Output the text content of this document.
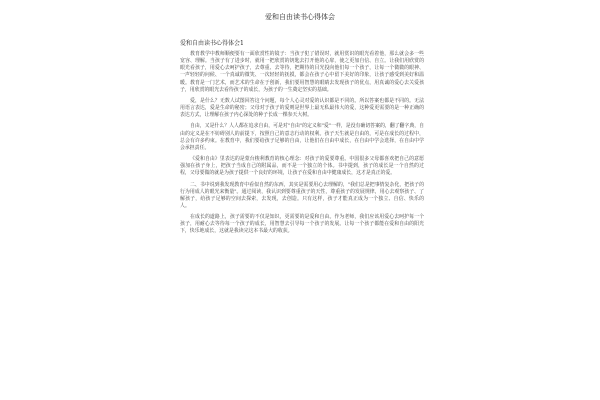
爱和自由读书心得体会
爱和自由读书心得体会1

教育教学中教师顺便要有一面欣赏性的镜子：当孩子犯了错误时，就用赏识的眼光看着他，那么就会多一些宽容、理解。当孩子有了进步时，就用一把欣赏的钥匙去打开他的心扉，使之更加自信、自立。让我们用欣赏的眼光看孩子，用爱心去呵护孩子，去尊重、去等待，把期待的目光投向他们每一个孩子，让每一个微微的眼神、一声轻轻的问候、一个真诚的微笑、一次轻轻的抚摸，都会在孩子心中留下美好的印象，让孩子感受到美好和温暖。教育是一门艺术，而艺术的生命在于创新，我们要用智慧的眼睛去发现孩子的优点，用真诚的爱心去关爱孩子，用欣赏的眼光去看待孩子的成长，为孩子的一生奠定坚实的基础。

爱，是什么？无数人试图回答这个问题，每个人心灵对爱的认识都是不同的。所以答案也都是不同的。无法用语言表达，爱是生命的秘密；父母对于孩子的爱则是世界上最无私最伟大的爱，这种爱更需要的是一种正确的表达方式，让理解在孩子内心深处的种子长成一棵参天大树。

自由，又是什么？人人都在追求自由，可是对"自由"的定义和"爱"一样，是没有确切答案的，翻了翻字典，自由的定义是在不妨碍别人的前提下，按照自己的意志行动的权利。孩子天生就是自由的，可是在成长的过程中，总会有许多约束。在教育中，我们要给孩子足够的自由，让他们在自由中成长，在自由中学会选择，在自由中学会承担责任。

《爱和自由》里表达的是蒙台梭利教育的核心理念：对孩子的爱要尊重。中国很多父母都喜欢把自己的意愿强加在孩子身上，把孩子当成自己的附属品，而不是一个独立的个体。书中提到，孩子的成长是一个自然的过程，父母要做的就是为孩子提供一个良好的环境，让孩子在爱和自由中健康成长，这才是真正的爱。

二、书中说到我发现教育中看似自然的东西，其实是需要用心去理解的，"我们总是把事情复杂化，把孩子的行为用成人的眼光来衡量"。通过阅读，我认识到要尊重孩子的天性，尊重孩子的发展规律，用心去观察孩子、了解孩子，给孩子足够的空间去探索，去发现，去创造。只有这样，孩子才能真正成为一个独立、自信、快乐的人。

在成长的道路上，孩子需要的不仅是知识，更需要的是爱和自由。作为老师，我们应该用爱心去呵护每一个孩子，用耐心去等待每一个孩子的成长，用智慧去引导每一个孩子的发展。让每一个孩子都能在爱和自由的阳光下，快乐地成长，这就是我读完这本书最大的收获。
